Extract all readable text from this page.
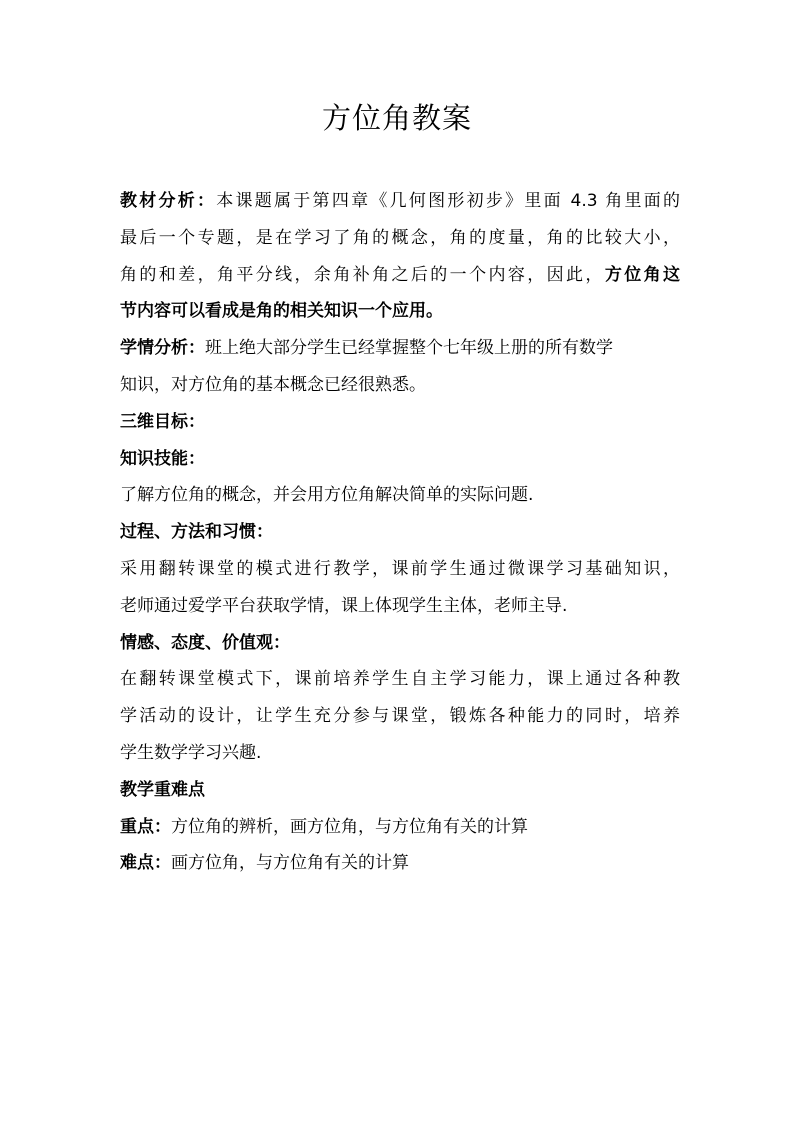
方位角教案
教材分析：本课题属于第四章《几何图形初步》里面 4.3 角里面的
最后一个专题，是在学习了角的概念，角的度量，角的比较大小，
角的和差，角平分线，余角补角之后的一个内容，因此，方位角这
节内容可以看成是角的相关知识一个应用。
学情分析：班上绝大部分学生已经掌握整个七年级上册的所有数学
知识，对方位角的基本概念已经很熟悉。
三维目标：
知识技能：
了解方位角的概念，并会用方位角解决简单的实际问题.
过程、方法和习惯：
采用翻转课堂的模式进行教学，课前学生通过微课学习基础知识，
老师通过爱学平台获取学情，课上体现学生主体，老师主导.
情感、态度、价值观：
在翻转课堂模式下，课前培养学生自主学习能力，课上通过各种教
学活动的设计，让学生充分参与课堂，锻炼各种能力的同时，培养
学生数学学习兴趣.
教学重难点
重点：方位角的辨析，画方位角，与方位角有关的计算
难点：画方位角，与方位角有关的计算
